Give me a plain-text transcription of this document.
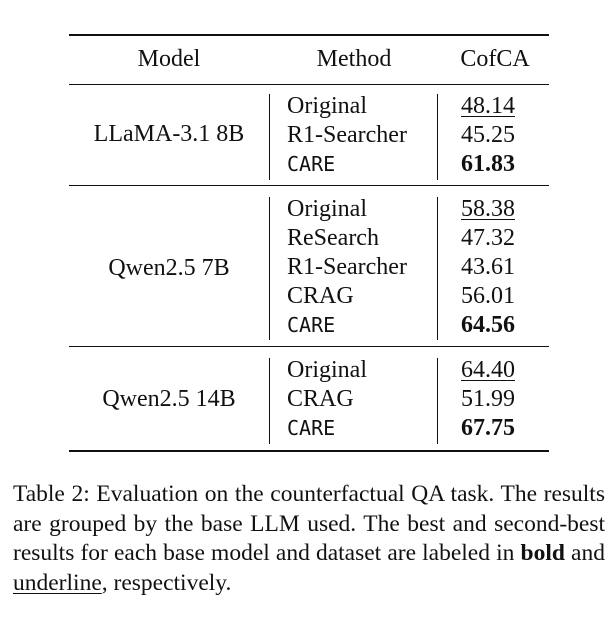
Model	Method	CofCA
LLaMA-3.1 8B
Original
R1-Searcher
CARE
48.14
45.25
61.83
Qwen2.5 7B
Original
ReSearch
R1-Searcher
CRAG
CARE
58.38
47.32
43.61
56.01
64.56
Qwen2.5 14B
Original
CRAG
CARE
64.40
51.99
67.75
Table 2: Evaluation on the counterfactual QA task. The results are grouped by the base LLM used. The best and second-best results for each base model and dataset are labeled in bold and underline, respectively.
